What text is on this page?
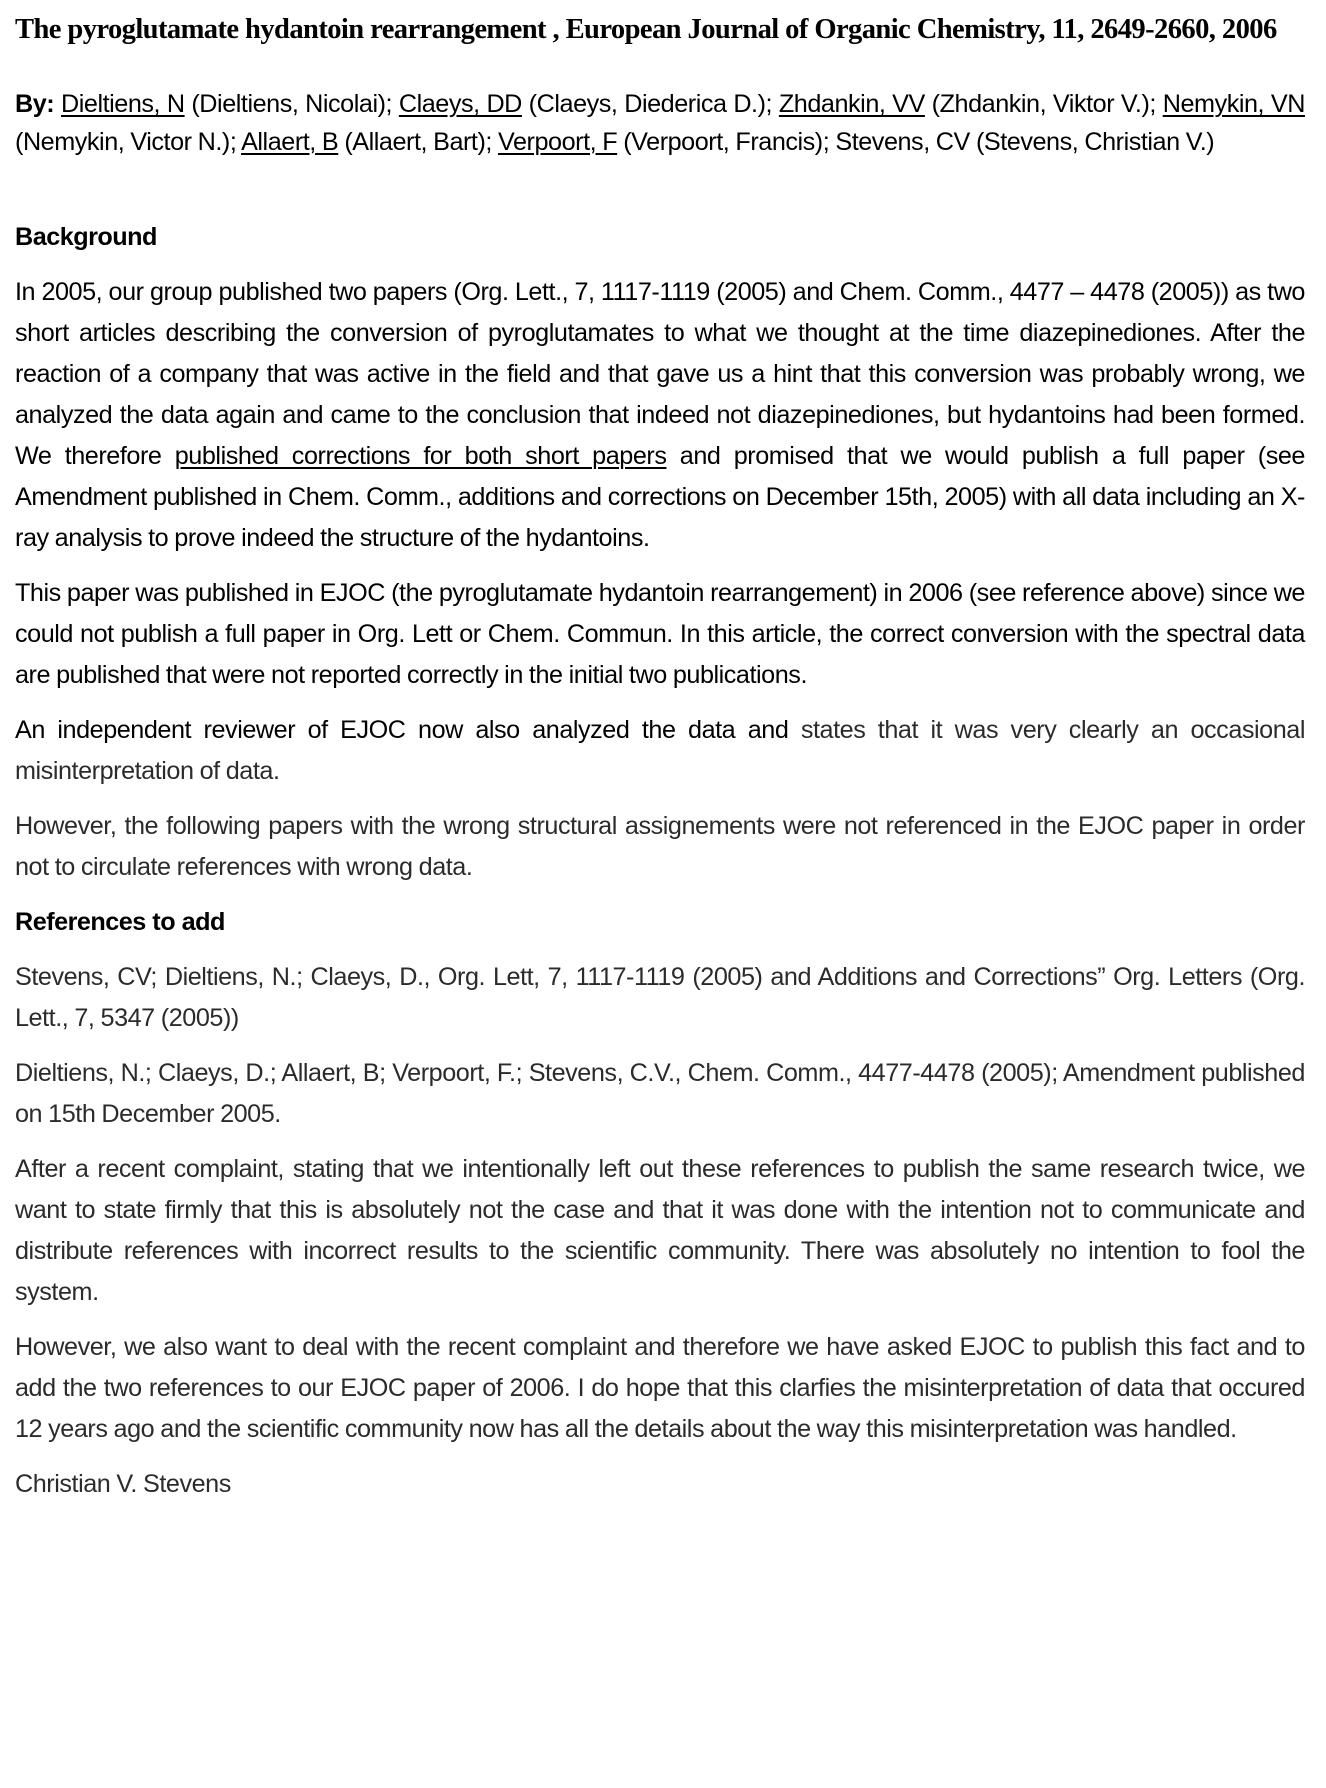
The pyroglutamate hydantoin rearrangement , European Journal of Organic Chemistry, 11, 2649-2660, 2006
By: Dieltiens, N (Dieltiens, Nicolai); Claeys, DD (Claeys, Diederica D.); Zhdankin, VV (Zhdankin, Viktor V.); Nemykin, VN (Nemykin, Victor N.); Allaert, B (Allaert, Bart); Verpoort, F (Verpoort, Francis); Stevens, CV (Stevens, Christian V.)
Background

In 2005, our group published two papers (Org. Lett., 7, 1117-1119 (2005) and Chem. Comm., 4477 – 4478 (2005)) as two short articles describing the conversion of pyroglutamates to what we thought at the time diazepinediones. After the reaction of a company that was active in the field and that gave us a hint that this conversion was probably wrong, we analyzed the data again and came to the conclusion that indeed not diazepinediones, but hydantoins had been formed. We therefore published corrections for both short papers and promised that we would publish a full paper (see Amendment published in Chem. Comm., additions and corrections on December 15th, 2005) with all data including an X-ray analysis to prove indeed the structure of the hydantoins.

This paper was published in EJOC (the pyroglutamate hydantoin rearrangement) in 2006 (see reference above) since we could not publish a full paper in Org. Lett or Chem. Commun. In this article, the correct conversion with the spectral data are published that were not reported correctly in the initial two publications.

An independent reviewer of EJOC now also analyzed the data and states that it was very clearly an occasional misinterpretation of data.

However, the following papers with the wrong structural assignements were not referenced in the EJOC paper in order not to circulate references with wrong data.

References to add

Stevens, CV; Dieltiens, N.; Claeys, D., Org. Lett, 7, 1117-1119 (2005) and Additions and Corrections” Org. Letters (Org. Lett., 7, 5347 (2005))

Dieltiens, N.; Claeys, D.; Allaert, B; Verpoort, F.; Stevens, C.V., Chem. Comm., 4477-4478 (2005); Amendment published on 15th December 2005.

After a recent complaint, stating that we intentionally left out these references to publish the same research twice, we want to state firmly that this is absolutely not the case and that it was done with the intention not to communicate and distribute references with incorrect results to the scientific community. There was absolutely no intention to fool the system.

However, we also want to deal with the recent complaint and therefore we have asked EJOC to publish this fact and to add the two references to our EJOC paper of 2006. I do hope that this clarfies the misinterpretation of data that occured 12 years ago and the scientific community now has all the details about the way this misinterpretation was handled.

Christian V. Stevens
